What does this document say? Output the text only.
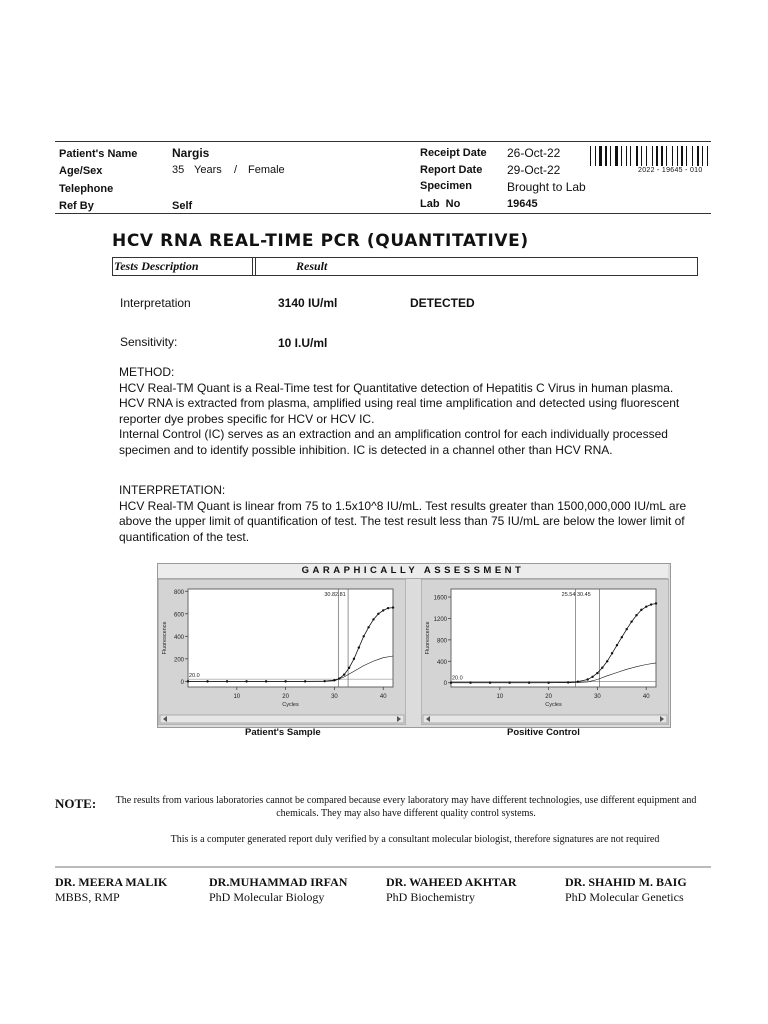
Patient's Name	Nargis
Age/Sex	35 Years / Female
Telephone
Ref By	Self
Receipt Date 26-Oct-22
Report Date 29-Oct-22
Specimen	Brought to Lab
Lab  No	19645
2022 - 19645 - 010
HCV RNA REAL-TIME PCR (QUANTITATIVE)
Tests Description	Result
Interpretation	3140 IU/ml	DETECTED
Sensitivity:	10 I.U/ml

METHOD:

HCV Real-TM Quant is a Real-Time test for Quantitative detection of Hepatitis C Virus in human plasma. HCV RNA is extracted from plasma, amplified using real time amplification and detected using fluorescent reporter dye probes specific for HCV or HCV IC.

Internal Control (IC) serves as an extraction and an amplification control for each individually processed specimen and to identify possible inhibition. IC is detected in a channel other than HCV RNA.

INTERPRETATION:

HCV Real-TM Quant is linear from 75 to 1.5x10^8 IU/mL. Test results greater than 1500,000,000 IU/mL are above the upper limit of quantification of test. The test result less than 75 IU/mL are below the lower limit of quantification of the test.

GARAPHICALLY ASSESSMENT
0
200
400
600
800
10	20	30	40
Cycles
Fluorescence
20.0
30.82.81
0
400
800
1200
1600
10	20	30	40
Cycles
Fluorescence
20.0
25.54 30.45
Patient's Sample	Positive Control
NOTE:	The results from various laboratories cannot be compared because every laboratory may have different technologies, use different equipment and chemicals. They may also have different quality control systems.
This is a computer generated report duly verified by a consultant molecular biologist, therefore signatures are not required
DR. MEERA MALIK
MBBS, RMP
DR.MUHAMMAD IRFAN
PhD Molecular Biology
DR. WAHEED AKHTAR
PhD Biochemistry
DR. SHAHID M. BAIG
PhD Molecular Genetics
